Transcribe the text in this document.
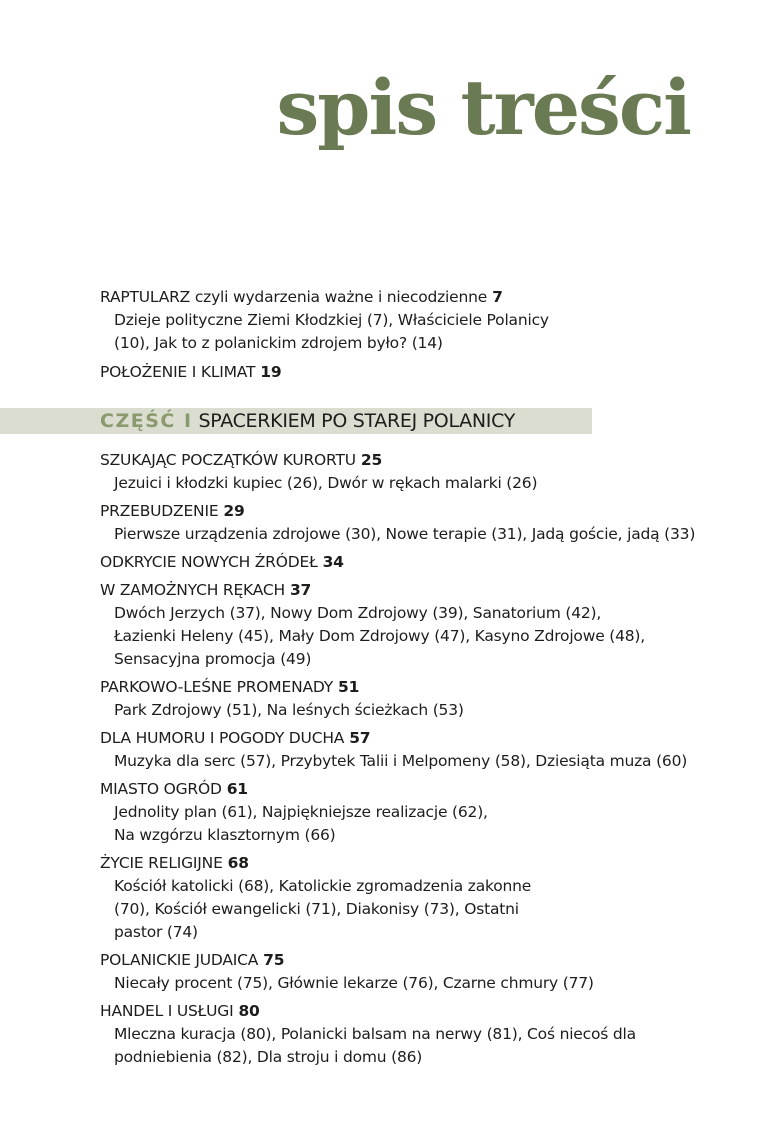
spis treści
RAPTULARZ czyli wydarzenia ważne i niecodzienne 7
Dzieje polityczne Ziemi Kłodzkiej (7), Właściciele Polanicy (10), Jak to z polanickim zdrojem było? (14)
POŁOŻENIE I KLIMAT 19
CZĘŚĆ I SPACERKIEM PO STAREJ POLANICY
SZUKAJĄC POCZĄTKÓW KURORTU 25
Jezuici i kłodzki kupiec (26), Dwór w rękach malarki (26)
PRZEBUDZENIE 29
Pierwsze urządzenia zdrojowe (30), Nowe terapie (31), Jadą goście, jadą (33)
ODKRYCIE NOWYCH ŹRÓDEŁ 34
W ZAMOŻNYCH RĘKACH 37
Dwóch Jerzych (37), Nowy Dom Zdrojowy (39), Sanatorium (42), Łazienki Heleny (45), Mały Dom Zdrojowy (47), Kasyno Zdrojowe (48), Sensacyjna promocja (49)
PARKOWO-LEŚNE PROMENADY 51
Park Zdrojowy (51), Na leśnych ścieżkach (53)
DLA HUMORU I POGODY DUCHA 57
Muzyka dla serc (57), Przybytek Talii i Melpomeny (58), Dziesiąta muza (60)
MIASTO OGRÓD 61
Jednolity plan (61), Najpiękniejsze realizacje (62), Na wzgórzu klasztornym (66)
ŻYCIE RELIGIJNE 68
Kościół katolicki (68), Katolickie zgromadzenia zakonne (70), Kościół ewangelicki (71), Diakonisy (73), Ostatni pastor (74)
POLANICKIE JUDAICA 75
Niecały procent (75), Głównie lekarze (76), Czarne chmury (77)
HANDEL I USŁUGI 80
Mleczna kuracja (80), Polanicki balsam na nerwy (81), Coś niecoś dla podniebienia (82), Dla stroju i domu (86)
